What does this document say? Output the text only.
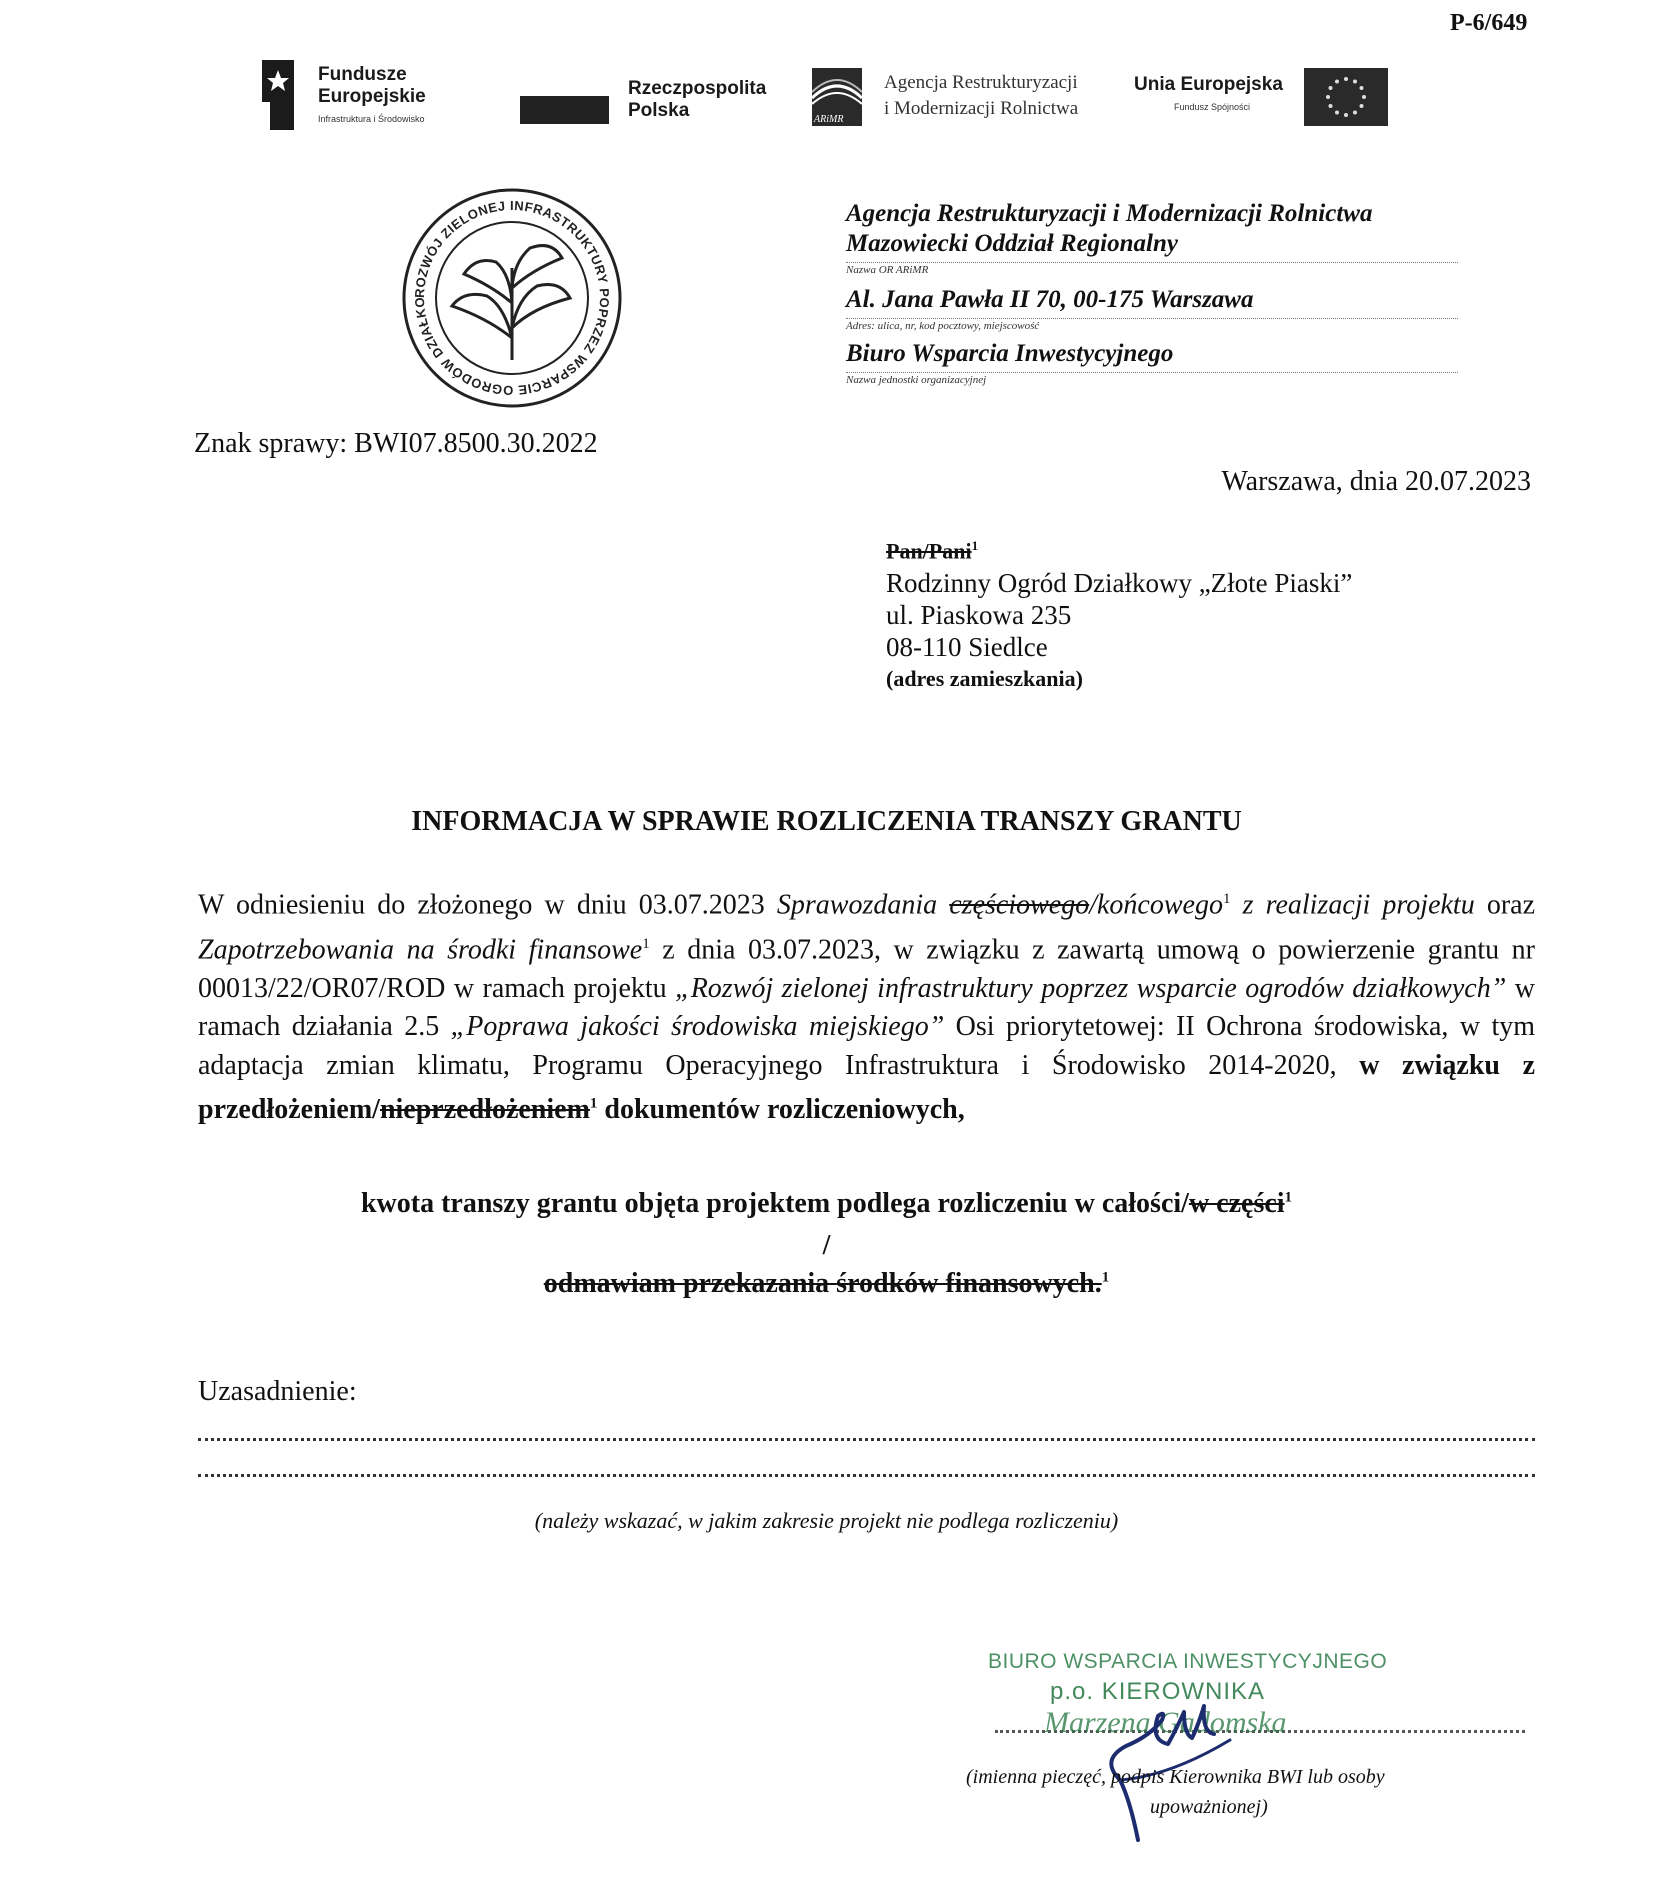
P-6/649
Fundusze
Europejskie
Infrastruktura i Środowisko
Rzeczpospolita
Polska	ARiMR
Agencja Restrukturyzacji
i Modernizacji Rolnictwa
Unia Europejska
Fundusz Spójności
ROZWÓJ ZIELONEJ INFRASTRUKTURY POPRZEZ WSPARCIE OGRODÓW DZIAŁKO
Agencja Restrukturyzacji i Modernizacji Rolnictwa
Mazowiecki Oddział Regionalny
Nazwa OR ARiMR
Al. Jana Pawła II 70, 00-175 Warszawa
Adres: ulica, nr, kod pocztowy, miejscowość
Biuro Wsparcia Inwestycyjnego
Nazwa jednostki organizacyjnej
Znak sprawy: BWI07.8500.30.2022
Warszawa, dnia 20.07.2023
Pan/Pani$^1$
Rodzinny Ogród Działkowy „Złote Piaski”
ul. Piaskowa 235
08-110 Siedlce
(adres zamieszkania)
INFORMACJA W SPRAWIE ROZLICZENIA TRANSZY GRANTU
W odniesieniu do złożonego w dniu 03.07.2023 Sprawozdania częściowego/końcowego$^1$ z realizacji projektu oraz Zapotrzebowania na środki finansowe$^1$ z dnia 03.07.2023, w związku z zawartą umową o powierzenie grantu nr 00013/22/OR07/ROD w ramach projektu „Rozwój zielonej infrastruktury poprzez wsparcie ogrodów działkowych” w ramach działania 2.5 „Poprawa jakości środowiska miejskiego” Osi priorytetowej: II Ochrona środowiska, w tym adaptacja zmian klimatu, Programu Operacyjnego Infrastruktura i Środowisko 2014-2020, w związku z przedłożeniem/nieprzedłożeniem$^1$ dokumentów rozliczeniowych,
kwota transzy grantu objęta projektem podlega rozliczeniu w całości/w części$^1$
/
odmawiam przekazania środków finansowych.$^1$
Uzasadnienie:
(należy wskazać, w jakim zakresie projekt nie podlega rozliczeniu)
BIURO WSPARCIA INWESTYCYJNEGO
p.o. KIEROWNIKA
Marzena Gadomska
(imienna pieczęć, podpis Kierownika BWI lub osoby
upoważnionej)
